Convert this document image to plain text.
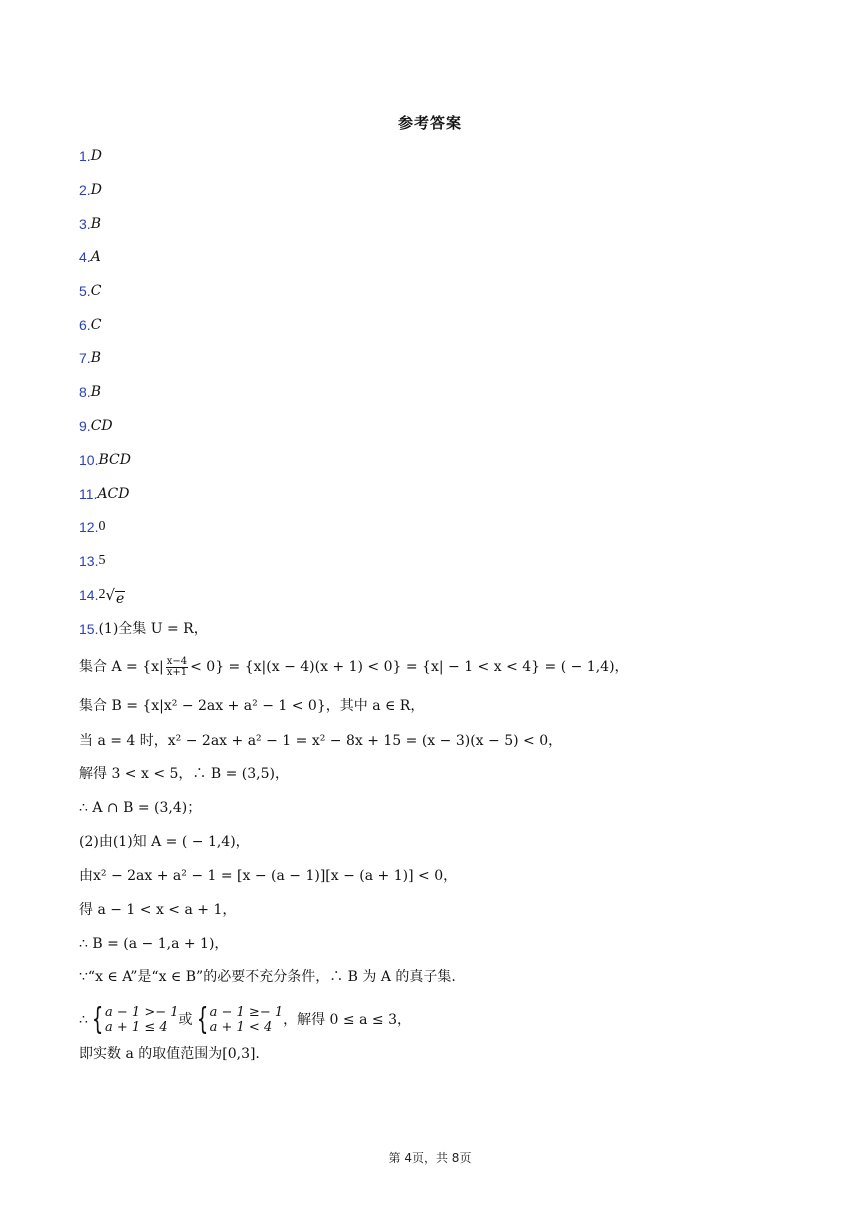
参考答案
1. D
2. D
3. B
4. A
5. C
6. C
7. B
8. B
9. CD
10. BCD
11. ACD
12. 0
13. 5
14. 2 √ e
15. (1)全集 U = R，
集合 $A = \{x| \frac{x-4}{x+1} < 0\} = \{x|(x - 4)(x + 1) < 0\} = \{x| - 1 < x < 4\}$ = ( − 1,4)，
集合 B = {x|x² − 2ax + a² − 1 < 0}，其中 a ∈ R，
当 a = 4 时，x² − 2ax + a² − 1 = x² − 8x + 15 = (x − 3)(x − 5) < 0，
解得 3 < x < 5，∴ B = (3,5)，
∴ A ∩ B = (3,4)；
(2)由(1)知 A = ( − 1,4)，
由x² − 2ax + a² − 1 = [x − (a − 1)][x − (a + 1)] < 0，
得 a − 1 < x < a + 1，
∴ B = (a − 1,a + 1)，
∵“x ∈ A”是“x ∈ B”的必要不充分条件，∴ B 为 A 的真子集.
∴ { a − 1 >− 1
a + 1 ≤ 4 或 { a − 1 ≥− 1
a + 1 < 4 ，解得 0 ≤ a ≤ 3，
即实数 a 的取值范围为[0,3].
第 4页，共 8页
